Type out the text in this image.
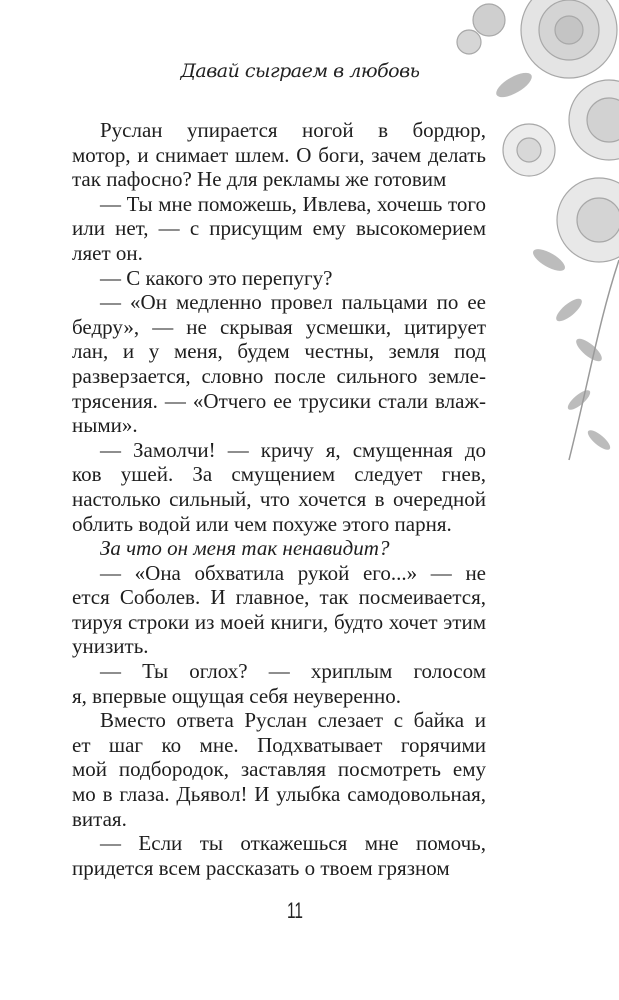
Давай сыграем в любовь
Руслан упирается ногой в бордюр,
мотор, и снимает шлем. О боги, зачем делать
так пафосно? Не для рекламы же готовим
— Ты мне поможешь, Ивлева, хочешь того
или нет, — с присущим ему высокомерием
ляет он.
— С какого это перепугу?
— «Он медленно провел пальцами по ее
бедру», — не скрывая усмешки, цитирует
лан, и у меня, будем честны, земля под
разверзается, словно после сильного земле-
трясения. — «Отчего ее трусики стали влаж-
ными».
— Замолчи! — кричу я, смущенная до
ков ушей. За смущением следует гнев,
настолько сильный, что хочется в очередной
облить водой или чем похуже этого парня.
За что он меня так ненавидит?
— «Она обхватила рукой его...» — не
ется Соболев. И главное, так посмеивается,
тируя строки из моей книги, будто хочет этим
унизить.
— Ты оглох? — хриплым голосом
я, впервые ощущая себя неуверенно.
Вместо ответа Руслан слезает с байка и
ет шаг ко мне. Подхватывает горячими
мой подбородок, заставляя посмотреть ему
мо в глаза. Дьявол! И улыбка самодовольная,
витая.
— Если ты откажешься мне помочь,
придется всем рассказать о твоем грязном
11
